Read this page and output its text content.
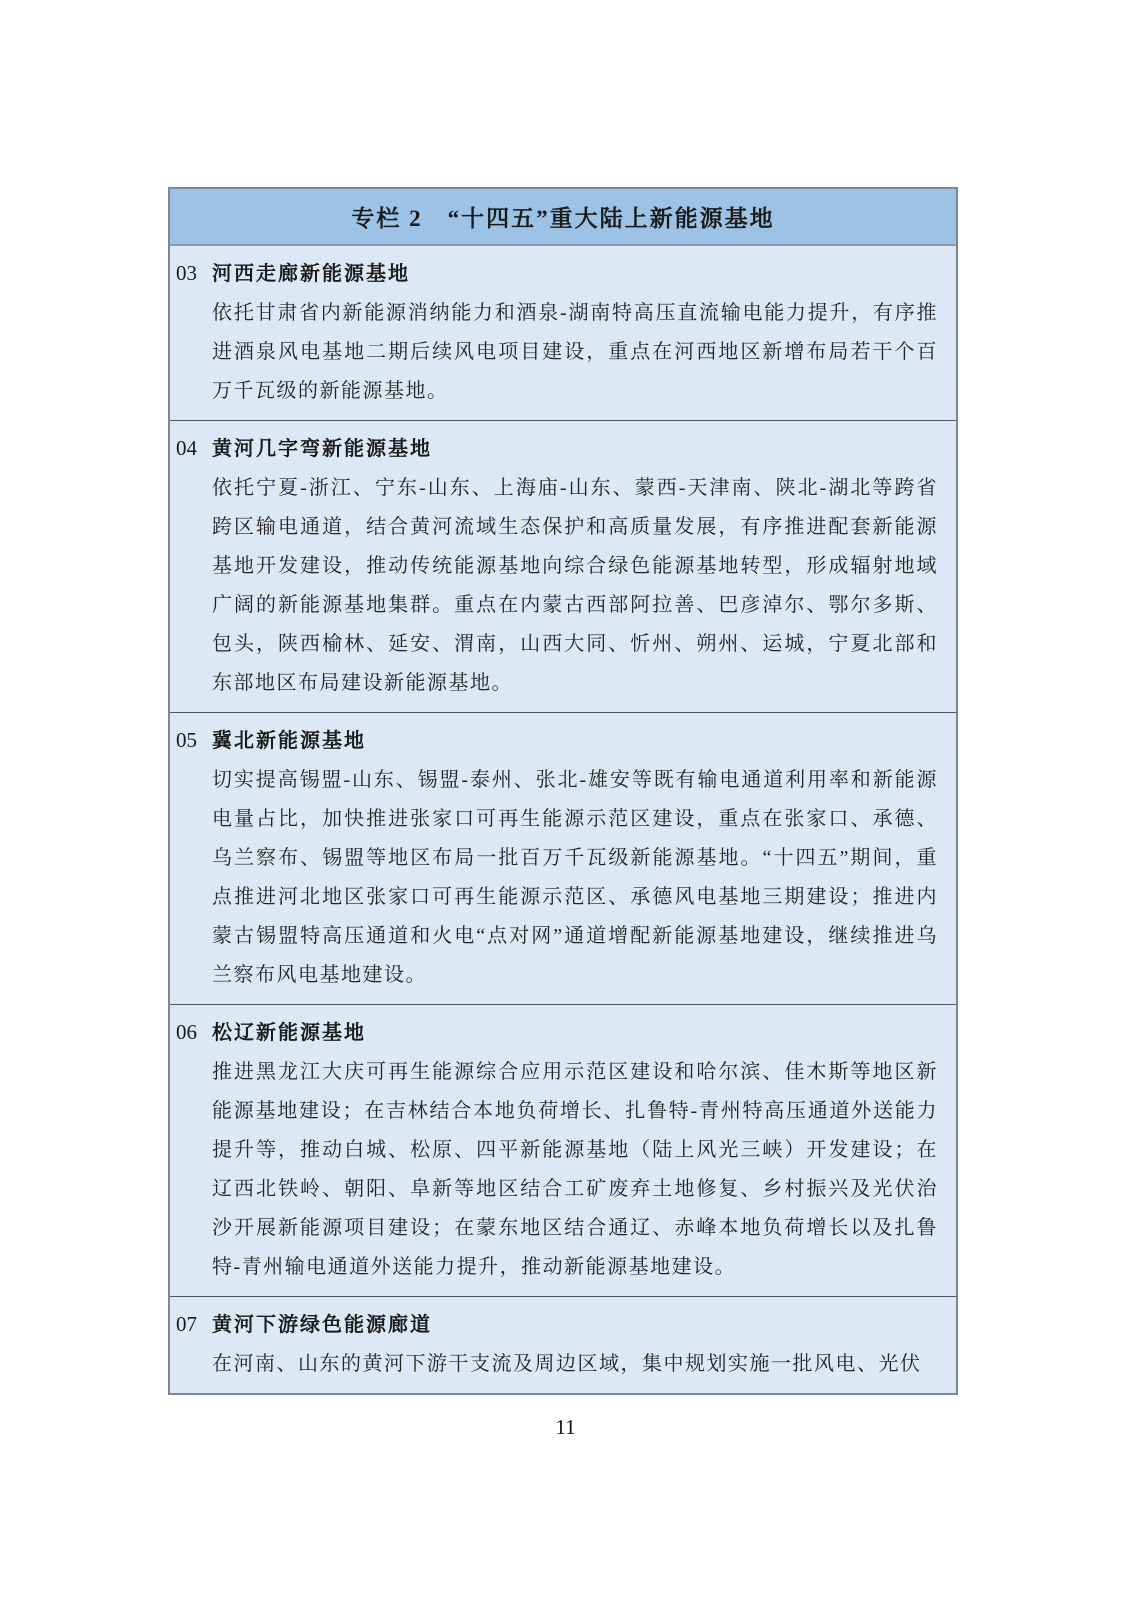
专栏 2　“十四五”重大陆上新能源基地
03 河西走廊新能源基地

依托甘肃省内新能源消纳能力和酒泉-湖南特高压直流输电能力提升，有序推进酒泉风电基地二期后续风电项目建设，重点在河西地区新增布局若干个百万千瓦级的新能源基地。

04 黄河几字弯新能源基地

依托宁夏-浙江、宁东-山东、上海庙-山东、蒙西-天津南、陕北-湖北等跨省跨区输电通道，结合黄河流域生态保护和高质量发展，有序推进配套新能源基地开发建设，推动传统能源基地向综合绿色能源基地转型，形成辐射地域广阔的新能源基地集群。重点在内蒙古西部阿拉善、巴彦淖尔、鄂尔多斯、包头，陕西榆林、延安、渭南，山西大同、忻州、朔州、运城，宁夏北部和东部地区布局建设新能源基地。

05 冀北新能源基地

切实提高锡盟-山东、锡盟-泰州、张北-雄安等既有输电通道利用率和新能源电量占比，加快推进张家口可再生能源示范区建设，重点在张家口、承德、乌兰察布、锡盟等地区布局一批百万千瓦级新能源基地。“十四五”期间，重点推进河北地区张家口可再生能源示范区、承德风电基地三期建设；推进内蒙古锡盟特高压通道和火电“点对网”通道增配新能源基地建设，继续推进乌兰察布风电基地建设。

06 松辽新能源基地

推进黑龙江大庆可再生能源综合应用示范区建设和哈尔滨、佳木斯等地区新能源基地建设；在吉林结合本地负荷增长、扎鲁特-青州特高压通道外送能力提升等，推动白城、松原、四平新能源基地（陆上风光三峡）开发建设；在辽西北铁岭、朝阳、阜新等地区结合工矿废弃土地修复、乡村振兴及光伏治沙开展新能源项目建设；在蒙东地区结合通辽、赤峰本地负荷增长以及扎鲁特-青州输电通道外送能力提升，推动新能源基地建设。

07 黄河下游绿色能源廊道

在河南、山东的黄河下游干支流及周边区域，集中规划实施一批风电、光伏

11
